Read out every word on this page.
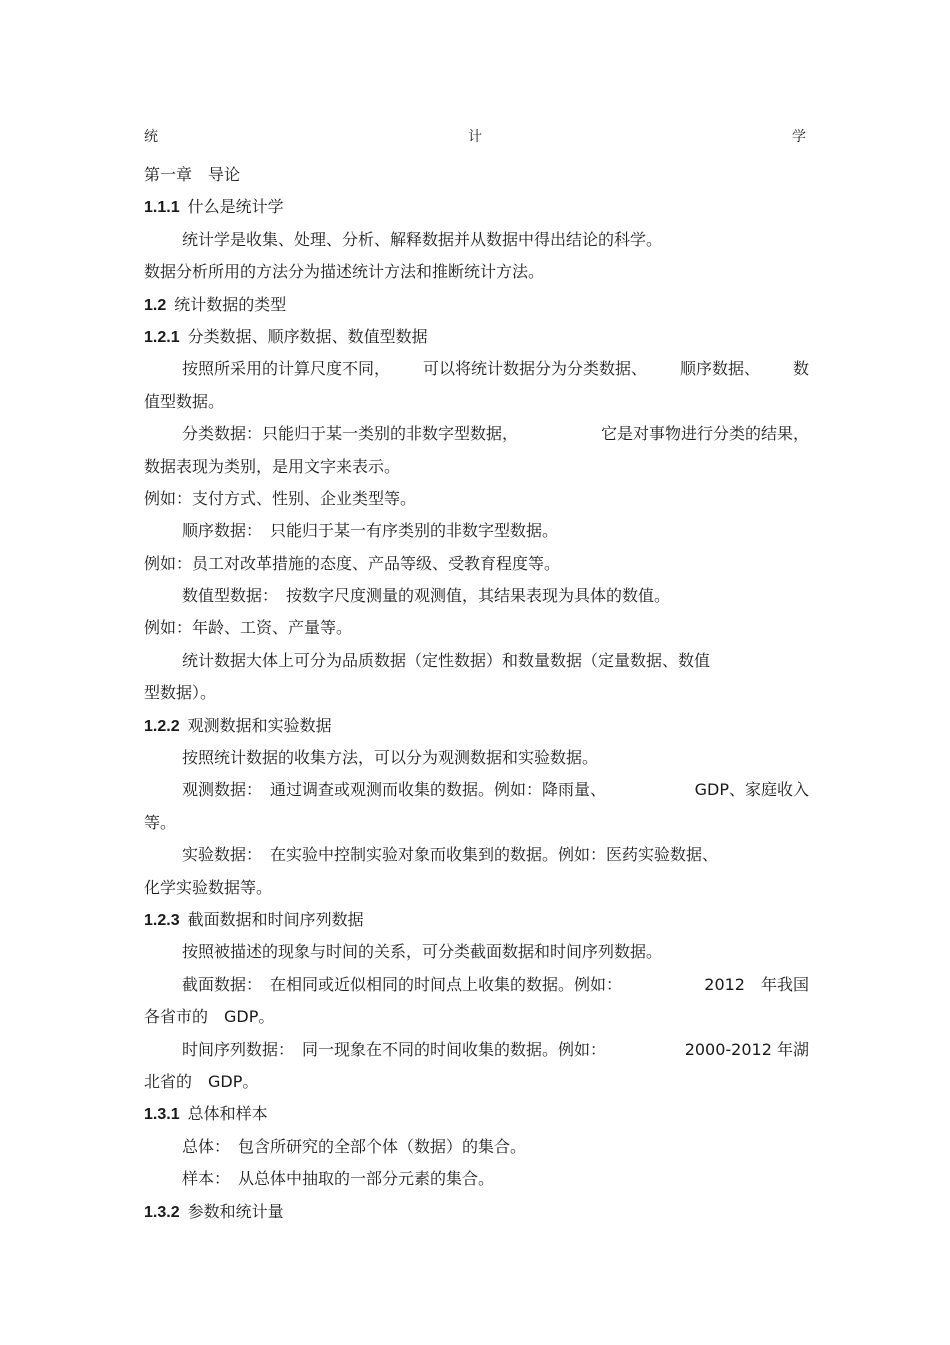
统	计	学

第一章　导论

1.1.1 什么是统计学

统计学是收集、处理、分析、解释数据并从数据中得出结论的科学。

数据分析所用的方法分为描述统计方法和推断统计方法。

1.2 统计数据的类型

1.2.1 分类数据、顺序数据、数值型数据

按照所采用的计算尺度不同， 可以将统计数据分为分类数据、 顺序数据、 数

值型数据。

分类数据：只能归于某一类别的非数字型数据，	它是对事物进行分类的结果，

数据表现为类别，是用文字来表示。

例如：支付方式、性别、企业类型等。

顺序数据：　只能归于某一有序类别的非数字型数据。

例如：员工对改革措施的态度、产品等级、受教育程度等。

数值型数据：　按数字尺度测量的观测值，其结果表现为具体的数值。

例如：年龄、工资、产量等。

统计数据大体上可分为品质数据（定性数据）和数量数据（定量数据、数值

型数据）。

1.2.2 观测数据和实验数据

按照统计数据的收集方法，可以分为观测数据和实验数据。

观测数据：　通过调查或观测而收集的数据。例如：降雨量、	GDP、家庭收入

等。

实验数据：　在实验中控制实验对象而收集到的数据。例如：医药实验数据、

化学实验数据等。

1.2.3 截面数据和时间序列数据

按照被描述的现象与时间的关系，可分类截面数据和时间序列数据。

截面数据：　在相同或近似相同的时间点上收集的数据。例如：	2012　年我国

各省市的　GDP。

时间序列数据：　同一现象在不同的时间收集的数据。例如：	2000-2012 年湖

北省的　GDP。

1.3.1 总体和样本

总体：　包含所研究的全部个体（数据）的集合。

样本：　从总体中抽取的一部分元素的集合。

1.3.2 参数和统计量
